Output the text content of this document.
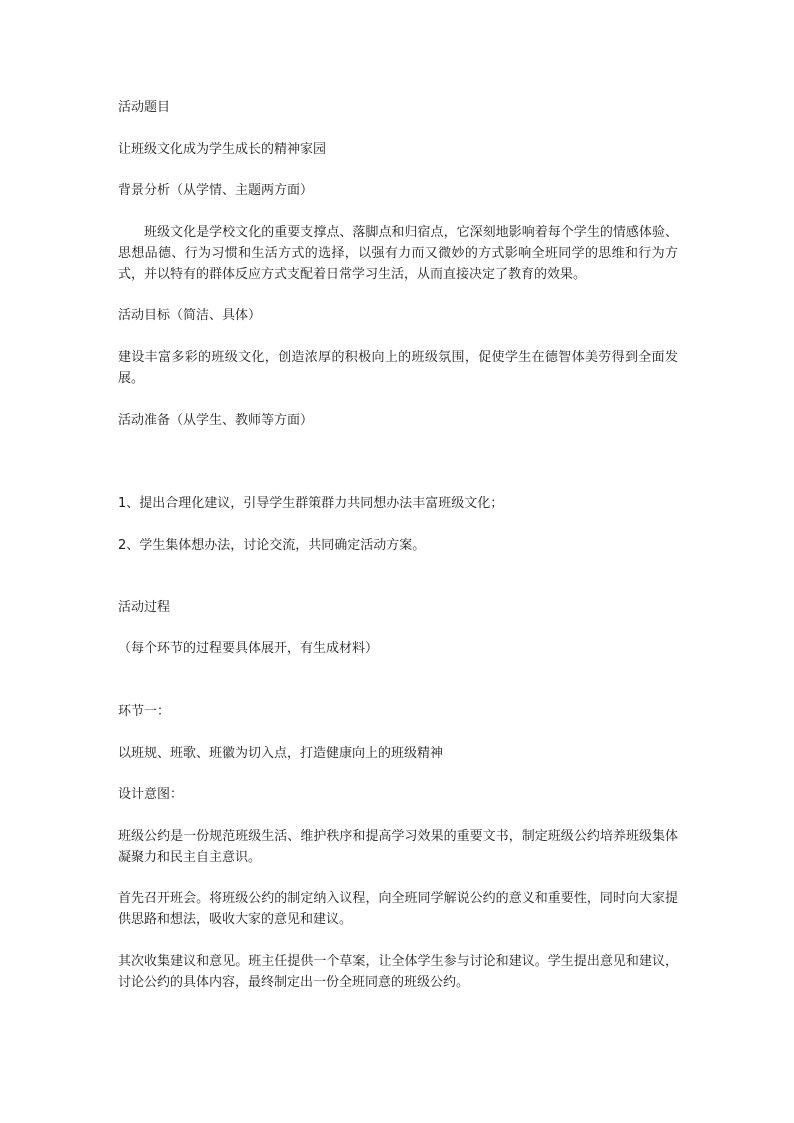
活动题目
让班级文化成为学生成长的精神家园
背景分析（从学情、主题两方面）
班级文化是学校文化的重要支撑点、落脚点和归宿点，它深刻地影响着每个学生的情感体验、思想品德、行为习惯和生活方式的选择，以强有力而又微妙的方式影响全班同学的思维和行为方式，并以特有的群体反应方式支配着日常学习生活，从而直接决定了教育的效果。
活动目标（简洁、具体）
建设丰富多彩的班级文化，创造浓厚的积极向上的班级氛围，促使学生在德智体美劳得到全面发展。
活动准备（从学生、教师等方面）
1、提出合理化建议，引导学生群策群力共同想办法丰富班级文化；
2、学生集体想办法，讨论交流，共同确定活动方案。
活动过程
（每个环节的过程要具体展开，有生成材料）
环节一：
以班规、班歌、班徽为切入点，打造健康向上的班级精神
设计意图：
班级公约是一份规范班级生活、维护秩序和提高学习效果的重要文书，制定班级公约培养班级集体凝聚力和民主自主意识。
首先召开班会。将班级公约的制定纳入议程，向全班同学解说公约的意义和重要性，同时向大家提供思路和想法，吸收大家的意见和建议。
其次收集建议和意见。班主任提供一个草案，让全体学生参与讨论和建议。学生提出意见和建议，讨论公约的具体内容，最终制定出一份全班同意的班级公约。
